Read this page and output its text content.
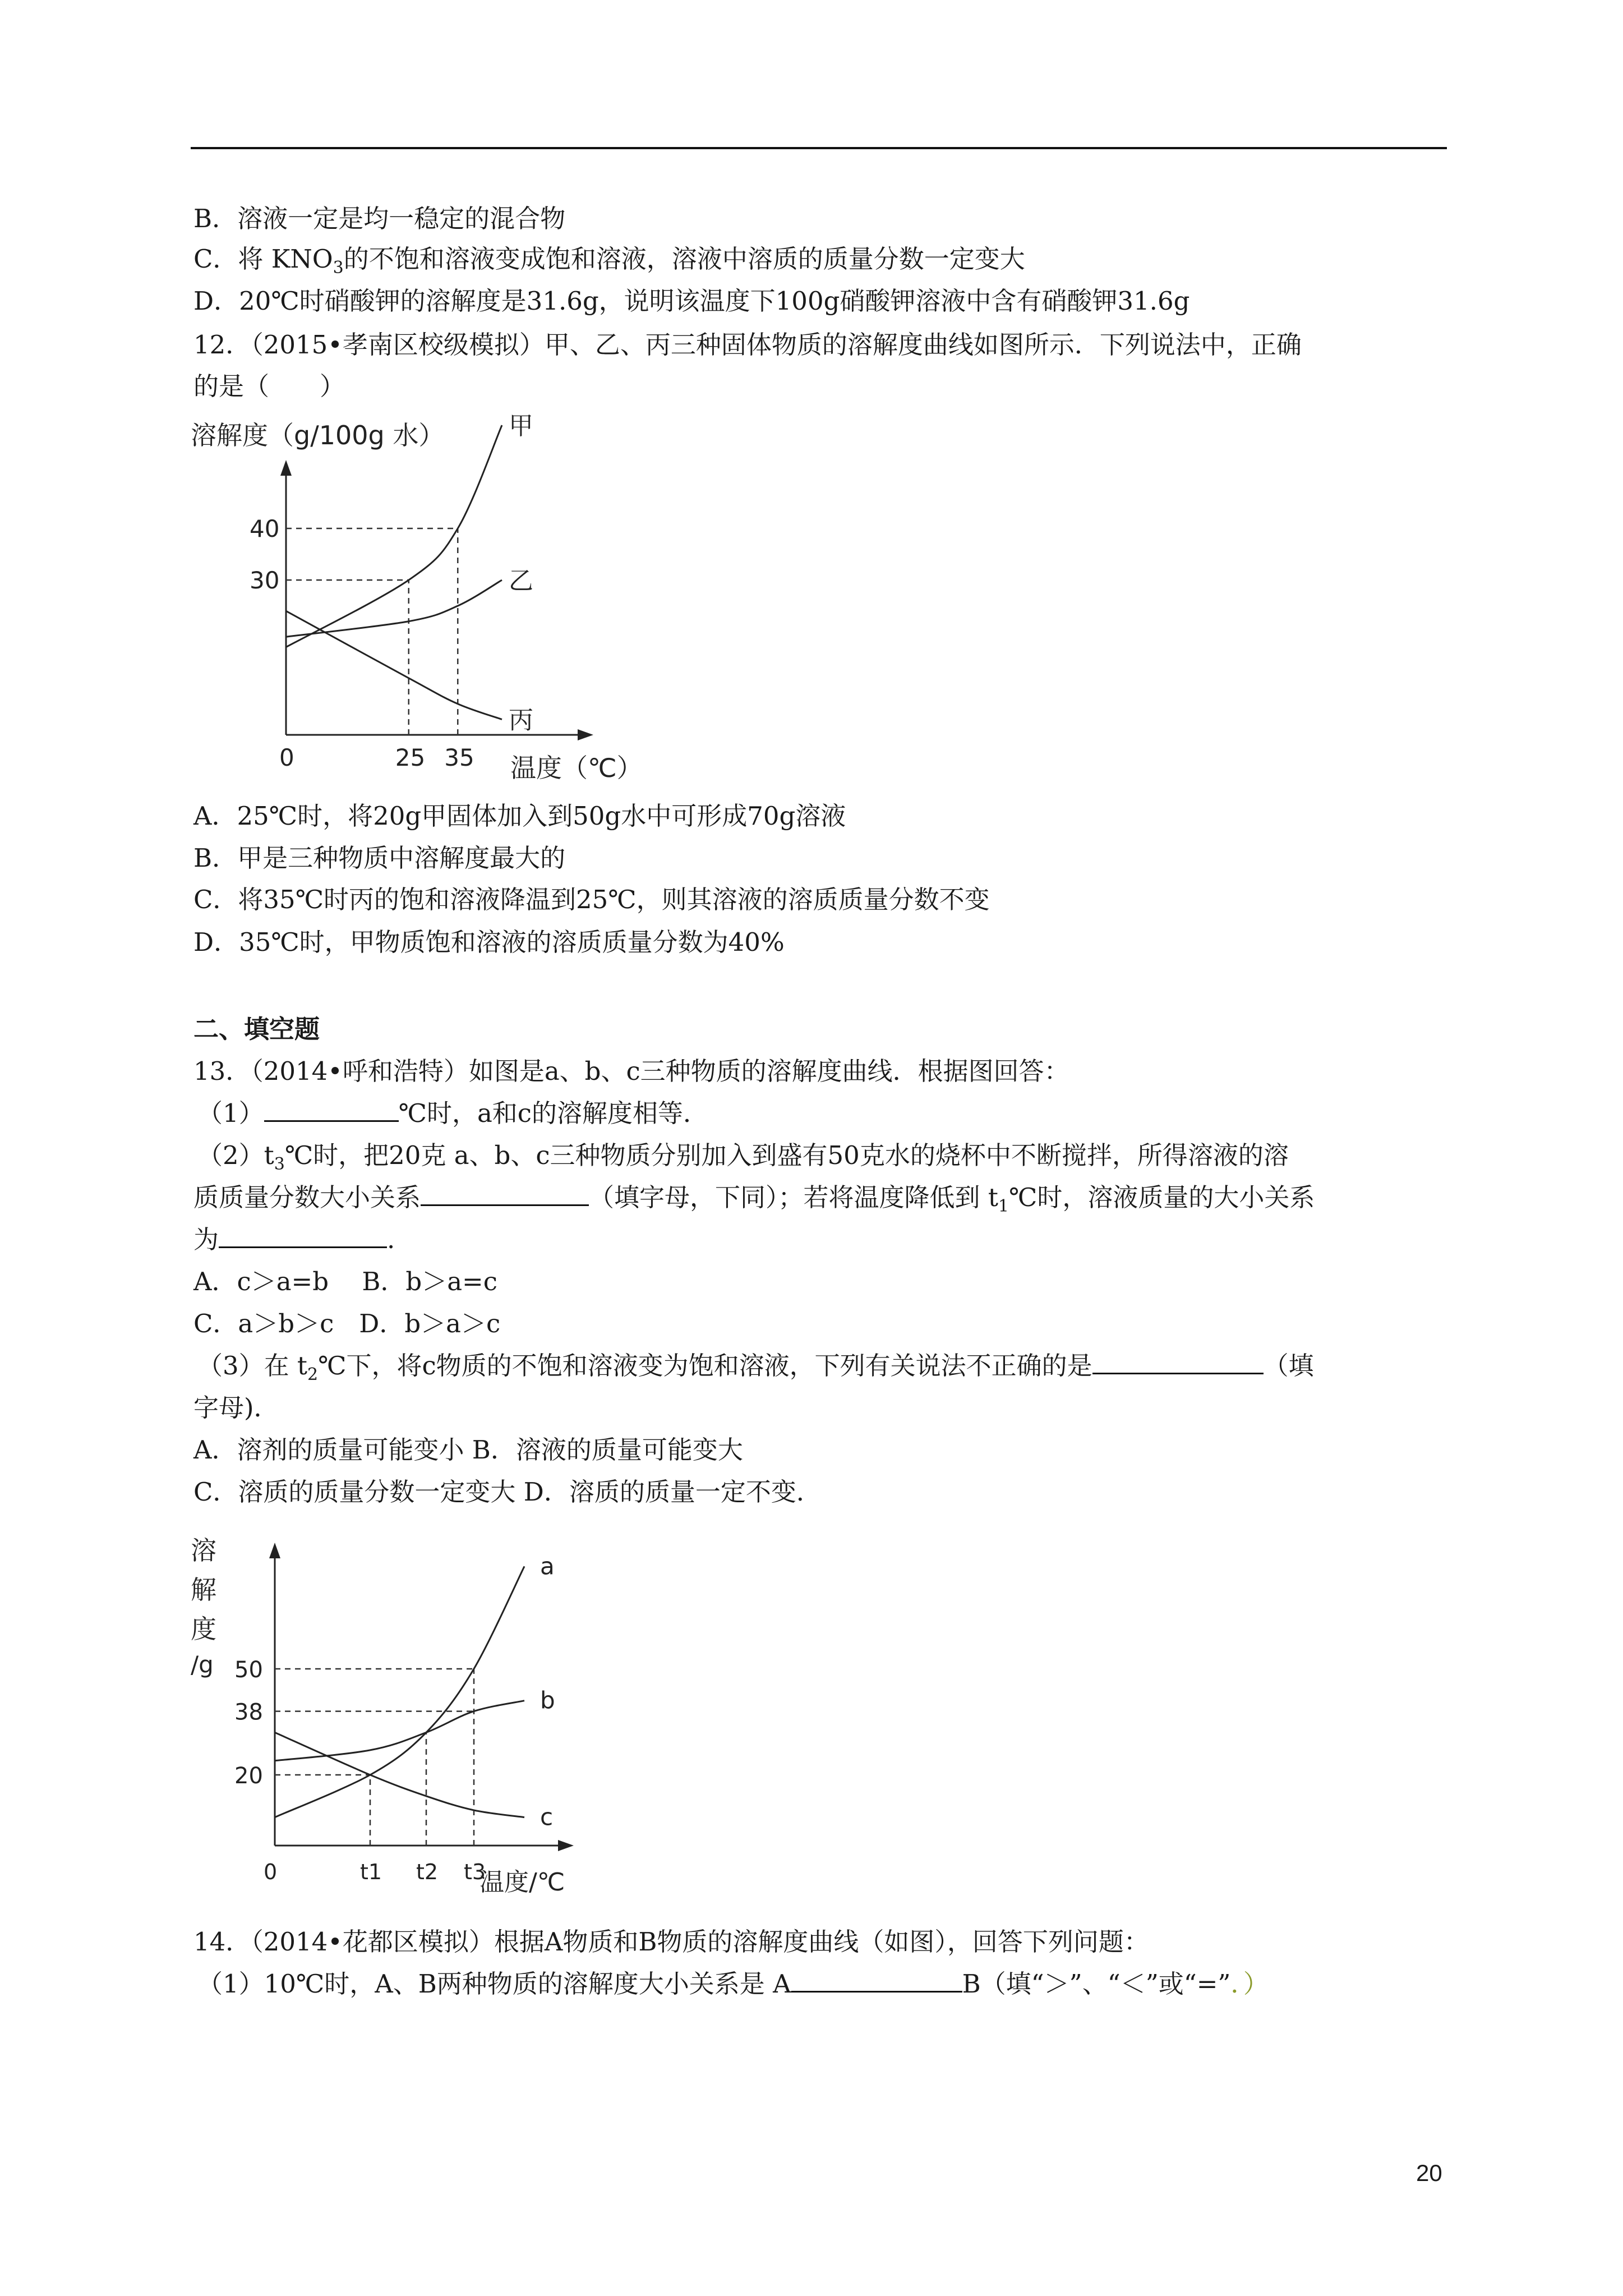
B．溶液一定是均一稳定的混合物
C．将 $KNO_3$的不饱和溶液变成饱和溶液，溶液中溶质的质量分数一定变大
D．20℃时硝酸钾的溶解度是31.6g，说明该温度下100g硝酸钾溶液中含有硝酸钾31.6g
12．（2015•孝南区校级模拟）甲、乙、丙三种固体物质的溶解度曲线如图所示．下列说法中，正确
的是（　　）
溶解度（g/100g 水）	甲
乙
丙
0	25 35
30
40
温度（℃）
A．25℃时，将20g甲固体加入到50g水中可形成70g溶液
B．甲是三种物质中溶解度最大的
C．将35℃时丙的饱和溶液降温到25℃，则其溶液的溶质质量分数不变
D．35℃时，甲物质饱和溶液的溶质质量分数为40%
二、填空题
13．（2014•呼和浩特）如图是a、b、c三种物质的溶解度曲线．根据图回答：
（1）	℃时，a和c的溶解度相等．
$(2)t_3℃$时，把20克 a、b、c三种物质分别加入到盛有50克水的烧杯中不断搅拌，所得溶液的溶
质质量分数大小关系	（填字母，下同）；若将温度降低到 $t_1℃$时，溶液质量的大小关系
为	.
A．c＞a=b　 B．b＞a=c
C．a＞b＞c　D．b＞a＞c
（3）在 $t_2℃$下，将c物质的不饱和溶液变为饱和溶液，下列有关说法不正确的是	（填
字母)．
A．溶剂的质量可能变小 B．溶液的质量可能变大
C．溶质的质量分数一定变大 D．溶质的质量一定不变．
溶
解
度
/g
a
b
c
0	t1 t2 t3
20
38
50
温度/℃
14．（2014•花都区模拟）根据A物质和B物质的溶解度曲线（如图），回答下列问题：
（1）10℃时，A、B两种物质的溶解度大小关系是 A	B（填“＞”、“＜”或“=”．）
20
